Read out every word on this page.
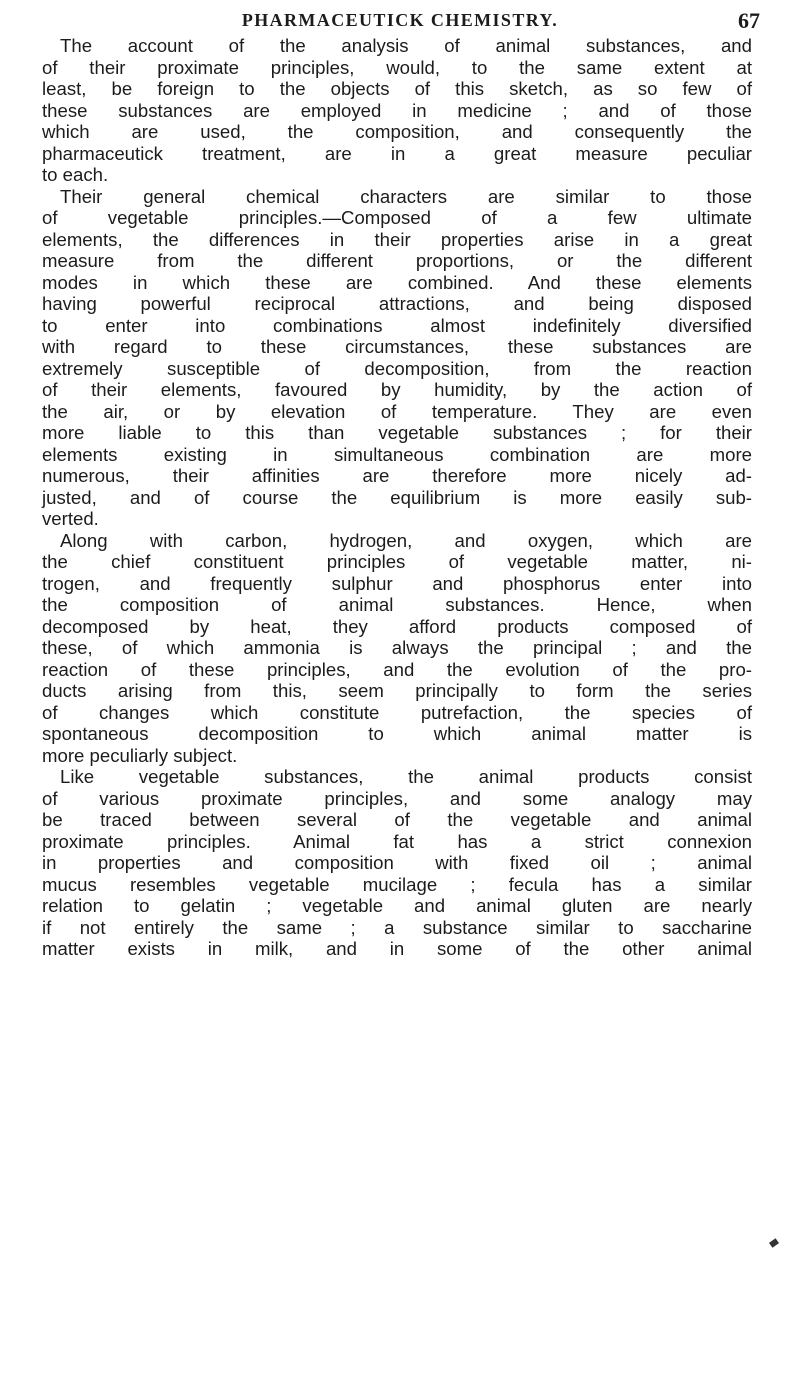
PHARMACEUTICK CHEMISTRY.	67
The account of the analysis of animal substances, and
of their proximate principles, would, to the same extent at
least, be foreign to the objects of this sketch, as so few of
these substances are employed in medicine ; and of those
which are used, the composition, and consequently the
pharmaceutick treatment, are in a great measure peculiar
to each.
Their general chemical characters are similar to those
of vegetable principles.—Composed of a few ultimate
elements, the differences in their properties arise in a great
measure from the different proportions, or the different
modes in which these are combined. And these elements
having powerful reciprocal attractions, and being disposed
to enter into combinations almost indefinitely diversified
with regard to these circumstances, these substances are
extremely susceptible of decomposition, from the reaction
of their elements, favoured by humidity, by the action of
the air, or by elevation of temperature. They are even
more liable to this than vegetable substances ; for their
elements existing in simultaneous combination are more
numerous, their affinities are therefore more nicely ad-
justed, and of course the equilibrium is more easily sub-
verted.
Along with carbon, hydrogen, and oxygen, which are
the chief constituent principles of vegetable matter, ni-
trogen, and frequently sulphur and phosphorus enter into
the composition of animal substances. Hence, when
decomposed by heat, they afford products composed of
these, of which ammonia is always the principal ; and the
reaction of these principles, and the evolution of the pro-
ducts arising from this, seem principally to form the series
of changes which constitute putrefaction, the species of
spontaneous decomposition to which animal matter is
more peculiarly subject.
Like vegetable substances, the animal products consist
of various proximate principles, and some analogy may
be traced between several of the vegetable and animal
proximate principles. Animal fat has a strict connexion
in properties and composition with fixed oil ; animal
mucus resembles vegetable mucilage ; fecula has a similar
relation to gelatin ; vegetable and animal gluten are nearly
if not entirely the same ; a substance similar to saccharine
matter exists in milk, and in some of the other animal
